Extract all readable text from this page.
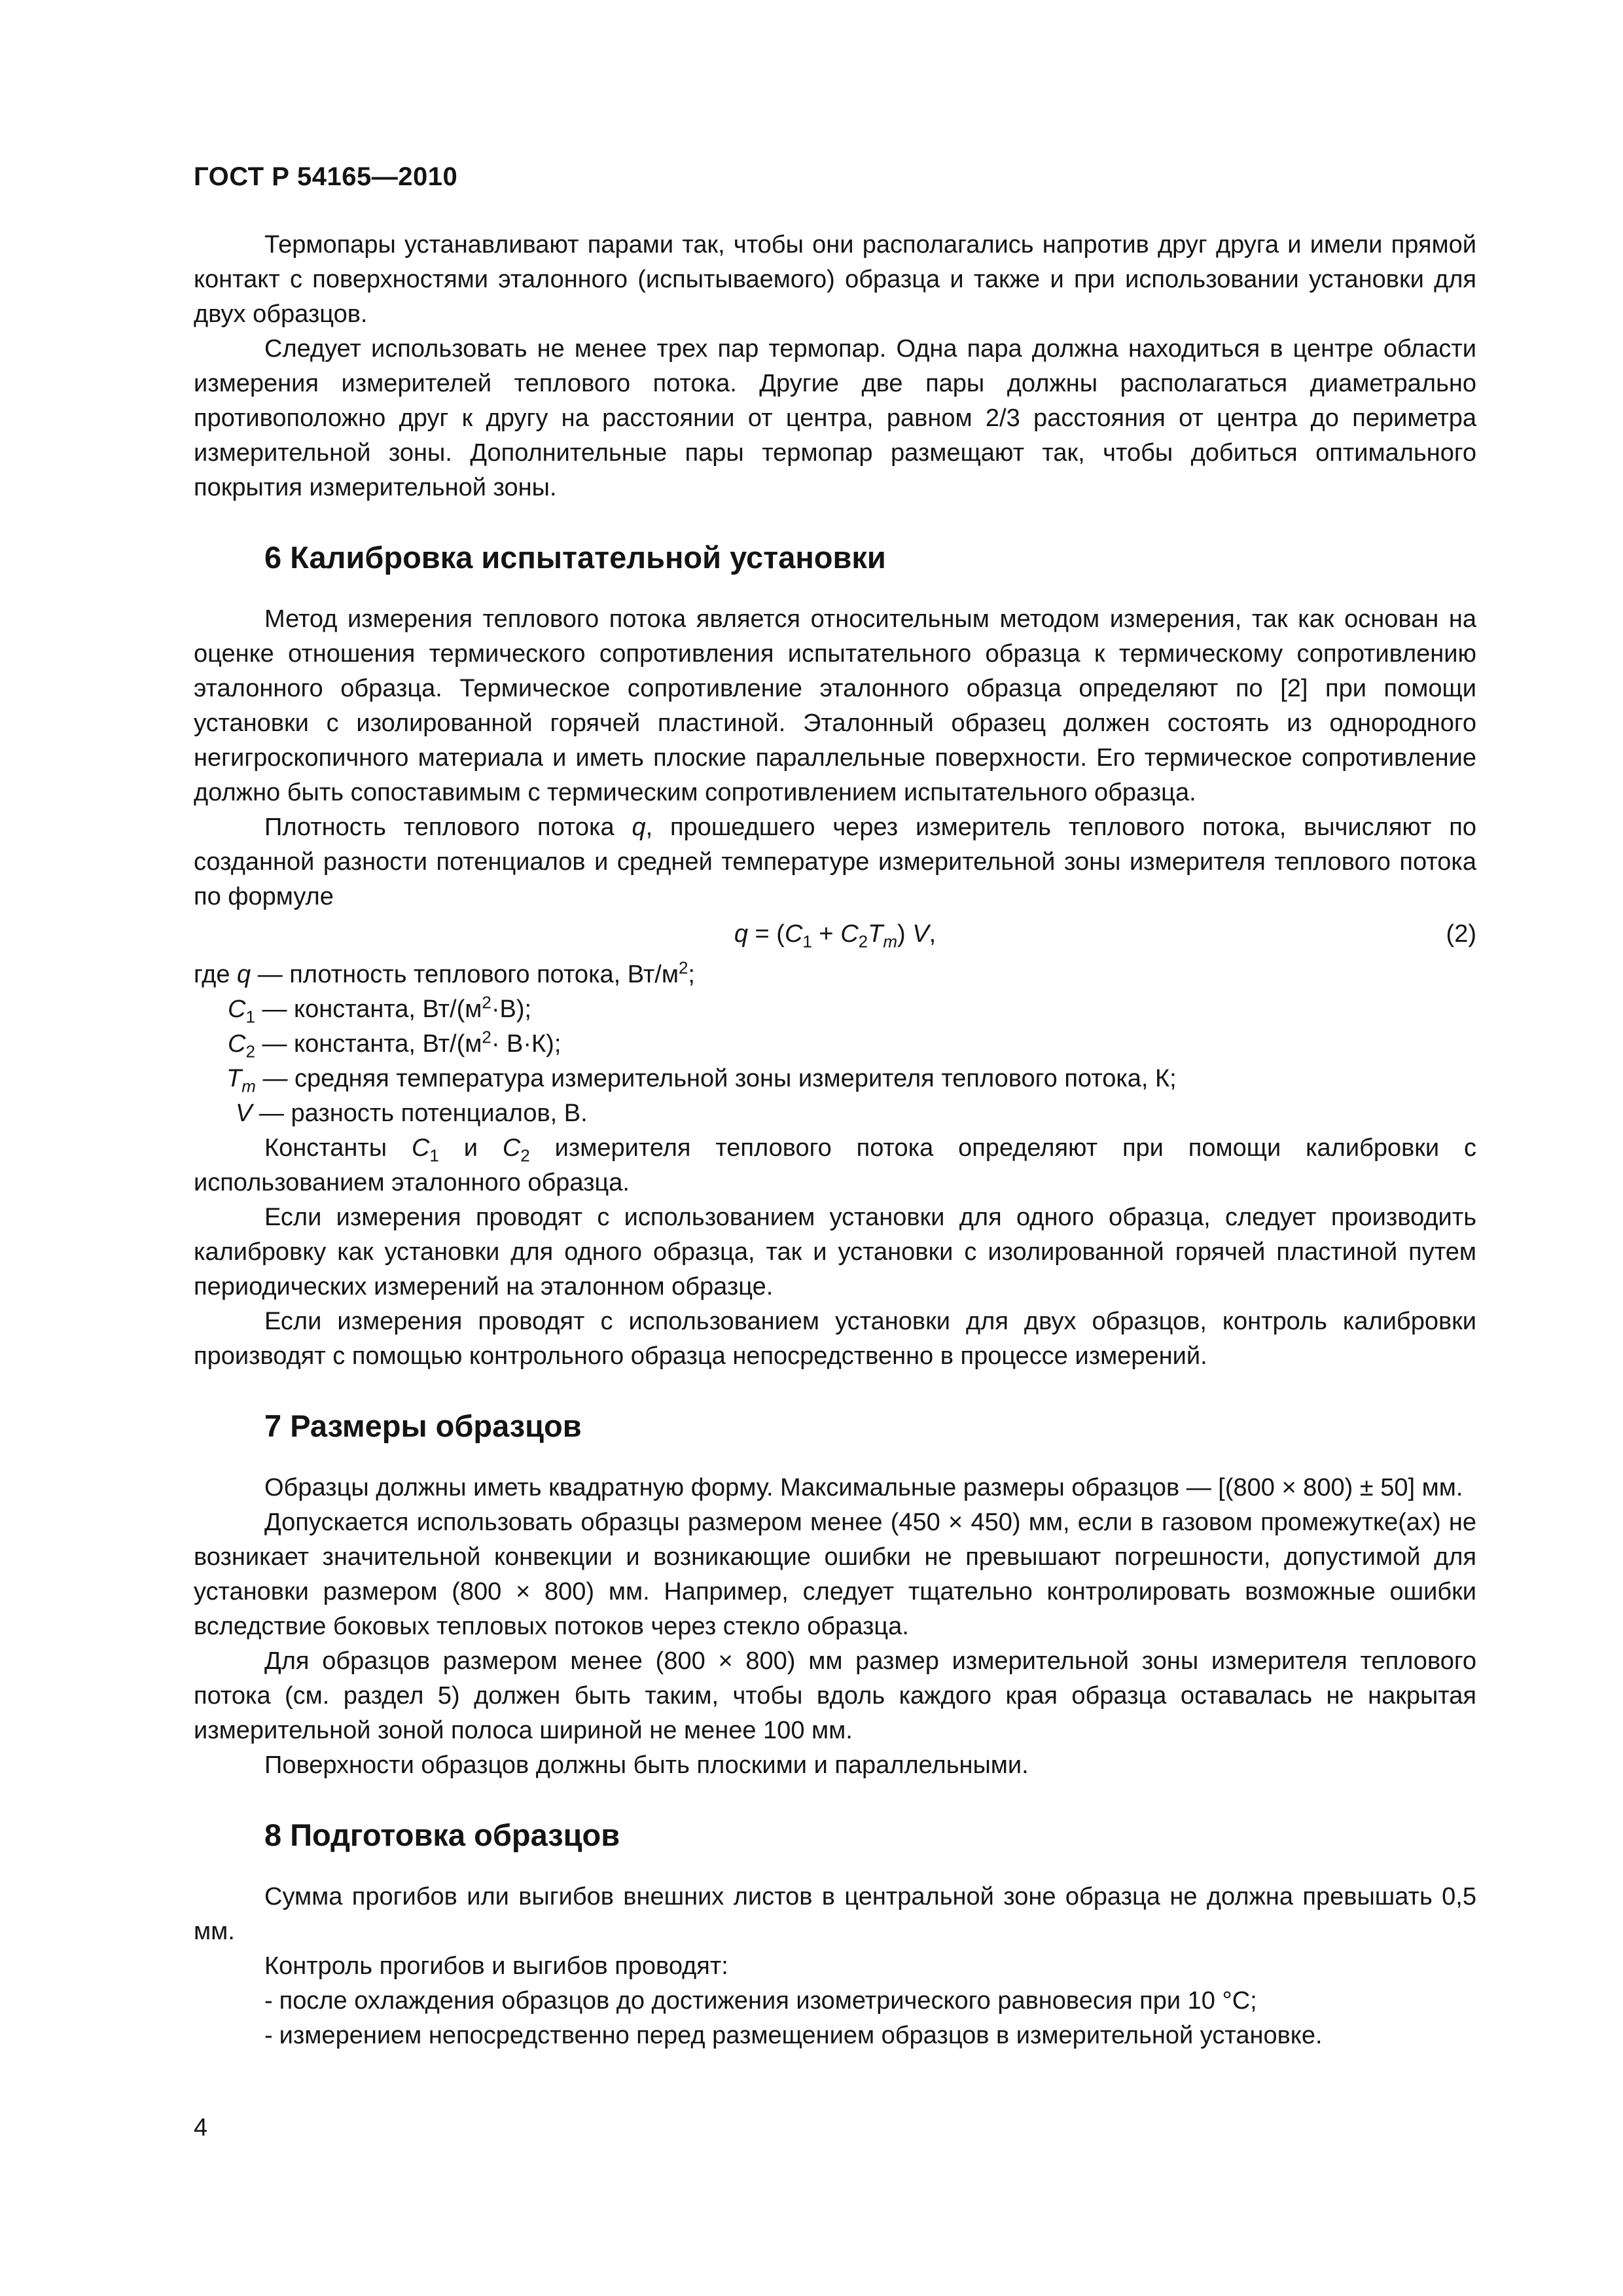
ГОСТ Р 54165—2010

Термопары устанавливают парами так, чтобы они располагались напротив друг друга и имели прямой контакт с поверхностями эталонного (испытываемого) образца и также и при использовании установки для двух образцов.

Следует использовать не менее трех пар термопар. Одна пара должна находиться в центре области измерения измерителей теплового потока. Другие две пары должны располагаться диаметрально противоположно друг к другу на расстоянии от центра, равном 2/3 расстояния от центра до периметра измерительной зоны. Дополнительные пары термопар размещают так, чтобы добиться оптимального покрытия измерительной зоны.

6 Калибровка испытательной установки

Метод измерения теплового потока является относительным методом измерения, так как основан на оценке отношения термического сопротивления испытательного образца к термическому сопротивлению эталонного образца. Термическое сопротивление эталонного образца определяют по [2] при помощи установки с изолированной горячей пластиной. Эталонный образец должен состоять из однородного негигроскопичного материала и иметь плоские параллельные поверхности. Его термическое сопротивление должно быть сопоставимым с термическим сопротивлением испытательного образца.

Плотность теплового потока q, прошедшего через измеритель теплового потока, вычисляют по созданной разности потенциалов и средней температуре измерительной зоны измерителя теплового потока по формуле

$q = (C_1 + C_2T_m)$ V,	(2)
где q — плотность теплового потока, $Вт/м^2$;
$C_1$ — константа, $Вт/(м^2\cdot В)$;
$C_2$ — константа, $Вт/(м^2\cdot В\cdot К)$;
$T_m$ — средняя температура измерительной зоны измерителя теплового потока, К;
V — разность потенциалов, В.

Константы $C_1$ и $C_2$ измерителя теплового потока определяют при помощи калибровки с использованием эталонного образца.

Если измерения проводят с использованием установки для одного образца, следует производить калибровку как установки для одного образца, так и установки с изолированной горячей пластиной путем периодических измерений на эталонном образце.

Если измерения проводят с использованием установки для двух образцов, контроль калибровки производят с помощью контрольного образца непосредственно в процессе измерений.

7 Размеры образцов

Образцы должны иметь квадратную форму. Максимальные размеры образцов — [(800 × 800) ± 50] мм.

Допускается использовать образцы размером менее (450 × 450) мм, если в газовом промежутке(ах) не возникает значительной конвекции и возникающие ошибки не превышают погрешности, допустимой для установки размером (800 × 800) мм. Например, следует тщательно контролировать возможные ошибки вследствие боковых тепловых потоков через стекло образца.

Для образцов размером менее (800 × 800) мм размер измерительной зоны измерителя теплового потока (см. раздел 5) должен быть таким, чтобы вдоль каждого края образца оставалась не накрытая измерительной зоной полоса шириной не менее 100 мм.

Поверхности образцов должны быть плоскими и параллельными.

8 Подготовка образцов

Сумма прогибов или выгибов внешних листов в центральной зоне образца не должна превышать 0,5 мм.

Контроль прогибов и выгибов проводят:

- после охлаждения образцов до достижения изометрического равновесия при 10 °С;
- измерением непосредственно перед размещением образцов в измерительной установке.
4
